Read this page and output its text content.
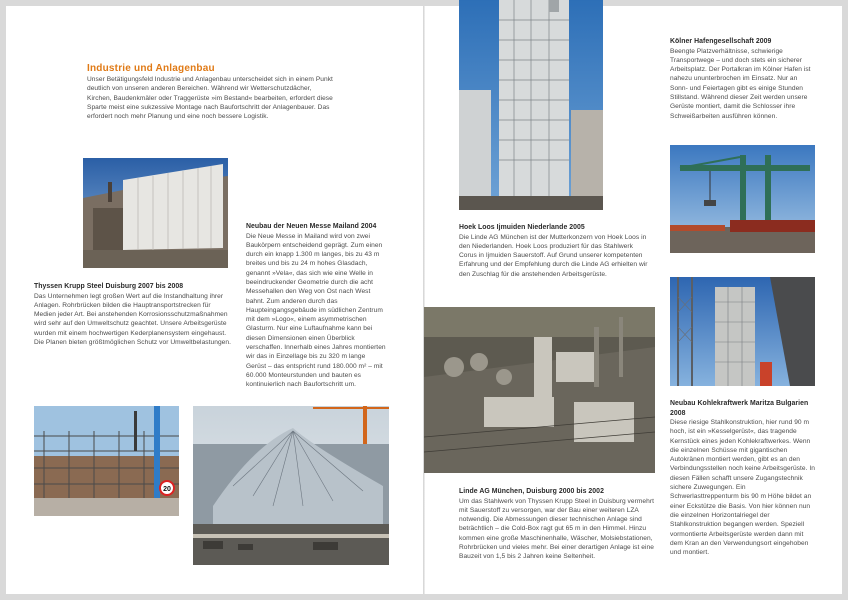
Industrie und Anlagenbau

Unser Betätigungsfeld Industrie und Anlagenbau unterscheidet sich in einem Punkt deutlich von unseren anderen Bereichen. Während wir Wetterschutzdächer, Kirchen, Baudenkmäler oder Traggerüste »im Bestand« bearbeiten, erfordert diese Sparte meist eine sukzessive Montage nach Baufortschritt der Anlagenbauer. Das erfordert noch mehr Planung und eine noch bessere Logistik.

Thyssen Krupp Steel Duisburg 2007 bis 2008

Das Unternehmen legt großen Wert auf die Instandhaltung ihrer Anlagen. Rohrbrücken bilden die Hauptransportstrecken für Medien jeder Art. Bei anstehenden Korrosionsschutzmaßnahmen wird sehr auf den Umweltschutz geachtet. Unsere Arbeitsgerüste wurden mit einem hochwertigen Kederplanensystem eingehaust. Die Planen bieten größtmöglichen Schutz vor Umweltbelastungen.

Neubau der Neuen Messe Mailand 2004

Die Neue Messe in Mailand wird von zwei Baukörpern entscheidend geprägt. Zum einen durch ein knapp 1.300 m langes, bis zu 43 m breites und bis zu 24 m hohes Glasdach, genannt »Vela«, das sich wie eine Welle in beeindruckender Geometrie durch die acht Messehallen den Weg von Ost nach West bahnt. Zum anderen durch das Haupteingangsgebäude im südlichen Zentrum mit dem »Logo«, einem asymmetrischen Glasturm. Nur eine Luftaufnahme kann bei diesen Dimensionen einen Überblick verschaffen. Innerhalb eines Jahres montierten wir das in Einzellage bis zu 320 m lange Gerüst – das entspricht rund 180.000 m² – mit 60.000 Monteurstunden und bauten es kontinuierlich nach Baufortschritt um.

20
Hoek Loos Ijmuiden Niederlande 2005

Die Linde AG München ist der Mutterkonzern von Hoek Loos in den Niederlanden. Hoek Loos produziert für das Stahlwerk Corus in Ijmuiden Sauerstoff. Auf Grund unserer kompetenten Erfahrung und der Empfehlung durch die Linde AG erhielten wir den Zuschlag für die anstehenden Arbeitsgerüste.

Kölner Hafengesellschaft 2009

Beengte Platzverhältnisse, schwierige Transportwege – und doch stets ein sicherer Arbeitsplatz. Der Portalkran im Kölner Hafen ist nahezu ununterbrochen im Einsatz. Nur an Sonn- und Feiertagen gibt es einige Stunden Stillstand. Während dieser Zeit werden unsere Gerüste montiert, damit die Schlosser ihre Schweißarbeiten ausführen können.

Linde AG München, Duisburg 2000 bis 2002

Um das Stahlwerk von Thyssen Krupp Steel in Duisburg vermehrt mit Sauerstoff zu versorgen, war der Bau einer weiteren LZA notwendig. Die Abmessungen dieser technischen Anlage sind beträchtlich – die Cold-Box ragt gut 65 m in den Himmel. Hinzu kommen eine große Maschinenhalle, Wäscher, Molsiebstationen, Rohrbrücken und vieles mehr. Bei einer derartigen Anlage ist eine Bauzeit von 1,5 bis 2 Jahren keine Seltenheit.

Neubau Kohlekraftwerk Maritza Bulgarien 2008

Diese riesige Stahlkonstruktion, hier rund 90 m hoch, ist ein »Kesselgerüst«, das tragende Kernstück eines jeden Kohlekraftwerkes. Wenn die einzelnen Schüsse mit gigantischen Autokränen montiert werden, gibt es an den Verbindungsstellen noch keine Arbeitsgerüste. In diesen Fällen schafft unsere Zugangstechnik sichere Zuwegungen. Ein Schwerlasttreppenturm bis 90 m Höhe bildet an einer Eckstütze die Basis. Von hier können nun die einzelnen Horizontalriegel der Stahlkonstruktion begangen werden. Speziell vormontierte Arbeitsgerüste werden dann mit dem Kran an den Verwendungsort eingehoben und montiert.
